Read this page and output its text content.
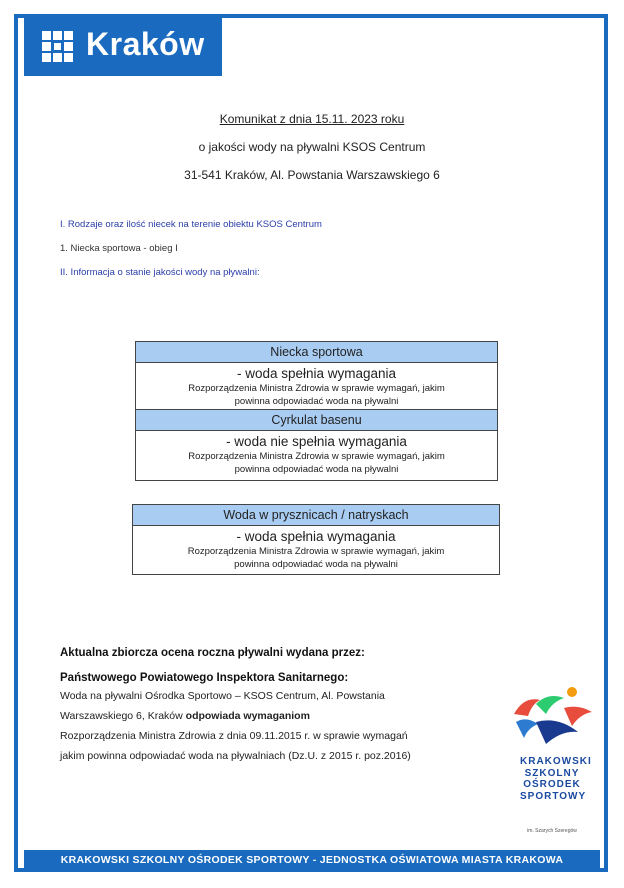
Kraków
Komunikat z dnia 15.11. 2023 roku
o jakości wody na pływalni KSOS Centrum
31-541 Kraków, Al. Powstania Warszawskiego 6
I. Rodzaje oraz ilość niecek na terenie obiektu KSOS Centrum
1. Niecka sportowa - obieg I
II. Informacja o stanie jakości wody na pływalni:
Niecka sportowa
- woda spełnia wymagania
Rozporządzenia Ministra Zdrowia w sprawie wymagań, jakim powinna odpowiadać woda na pływalni
Cyrkulat basenu
- woda nie spełnia wymagania
Rozporządzenia Ministra Zdrowia w sprawie wymagań, jakim powinna odpowiadać woda na pływalni
Woda w prysznicach / natryskach
- woda spełnia wymagania
Rozporządzenia Ministra Zdrowia w sprawie wymagań, jakim powinna odpowiadać woda na pływalni
Aktualna zbiorcza ocena roczna pływalni wydana przez:
Państwowego Powiatowego Inspektora Sanitarnego:
Woda na pływalni Ośrodka Sportowo – KSOS Centrum, Al. Powstania
Warszawskiego 6, Kraków odpowiada wymaganiom
Rozporządzenia Ministra Zdrowia z dnia 09.11.2015 r. w sprawie wymagań
jakim powinna odpowiadać woda na pływalniach (Dz.U. z 2015 r. poz.2016)	KRAKOWSKI
SZKOLNY
OŚRODEK
SPORTOWY
im. Szarych Szeregów
KRAKOWSKI SZKOLNY OŚRODEK SPORTOWY - JEDNOSTKA OŚWIATOWA MIASTA KRAKOWA
